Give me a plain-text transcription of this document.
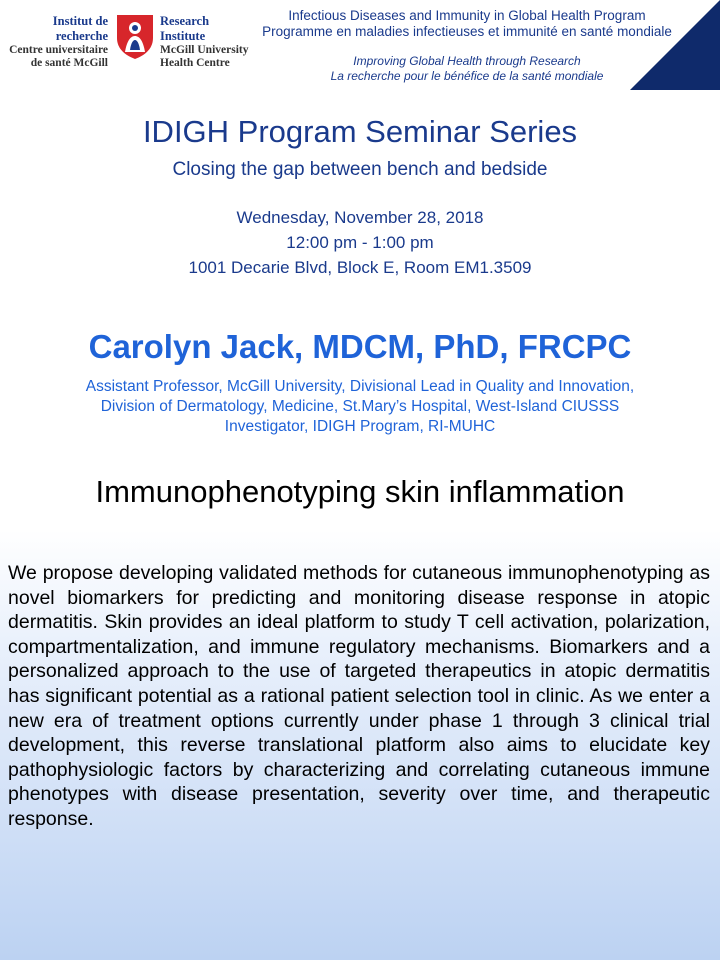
Institut de
recherche
Centre universitaire
de santé McGill
Research
Institute
McGill University
Health Centre
Infectious Diseases and Immunity in Global Health Program
Programme en maladies infectieuses et immunité en santé mondiale
Improving Global Health through Research
La recherche pour le bénéfice de la santé mondiale
IDIGH Program Seminar Series
Closing the gap between bench and bedside
Wednesday, November 28, 2018
12:00 pm - 1:00 pm
1001 Decarie Blvd, Block E, Room EM1.3509
Carolyn Jack, MDCM, PhD, FRCPC
Assistant Professor, McGill University, Divisional Lead in Quality and Innovation,
Division of Dermatology, Medicine, St.Mary’s Hospital, West-Island CIUSSS
Investigator, IDIGH Program, RI-MUHC
Immunophenotyping skin inflammation
We propose developing validated methods for cutaneous immunophenotyping as novel biomarkers for predicting and monitoring disease response in atopic dermatitis. Skin provides an ideal platform to study T cell activation, polarization, compartmentalization, and immune regulatory mechanisms. Biomarkers and a personalized approach to the use of targeted therapeutics in atopic dermatitis has significant potential as a rational patient selection tool in clinic. As we enter a new era of treatment options currently under phase 1 through 3 clinical trial development, this reverse translational platform also aims to elucidate key pathophysiologic factors by characterizing and correlating cutaneous immune phenotypes with disease presentation, severity over time, and therapeutic response.
